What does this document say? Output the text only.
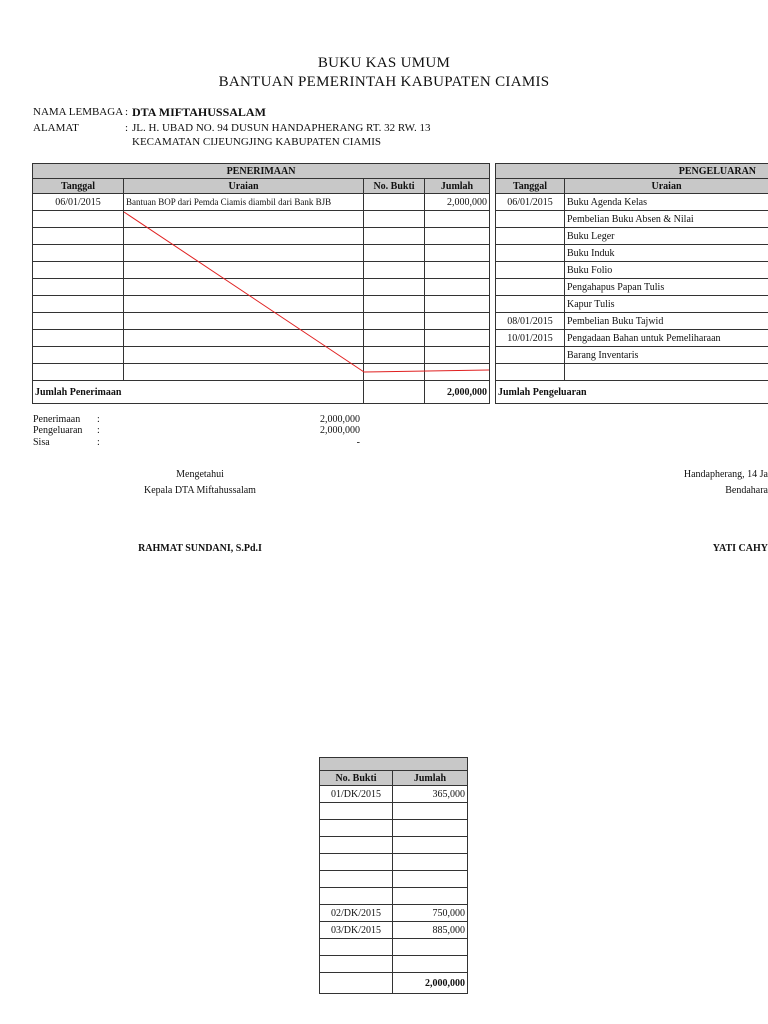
BUKU KAS UMUM
BANTUAN PEMERINTAH KABUPATEN CIAMIS
NAMA LEMBAGA : DTA MIFTAHUSSALAM
ALAMAT	: JL. H. UBAD NO. 94 DUSUN HANDAPHERANG RT. 32 RW. 13
KECAMATAN CIJEUNGJING KABUPATEN CIAMIS
PENERIMAAN			
Tanggal	Uraian	No. Bukti	Jumlah
06/01/2015	Bantuan BOP dari Pemda Ciamis diambil dari Bank BJB		2,000,000

Jumlah Penerimaan			2,000,000
PENGELUARAN	
Tanggal	Uraian
06/01/2015	Buku Agenda Kelas
	Pembelian Buku Absen & Nilai
	Buku Leger
	Buku Induk
	Buku Folio
	Pengahapus Papan Tulis
	Kapur Tulis
08/01/2015	Pembelian Buku Tajwid
10/01/2015	Pengadaan Bahan untuk Pemeliharaan
	Barang Inventaris

Jumlah Pengeluaran	
Penerimaan :	2,000,000
Pengeluaran :	2,000,000
Sisa	:	-
Mengetahui
Kepala DTA Miftahussalam
RAHMAT SUNDANI, S.Pd.I
Handapherang, 14 Ja
Bendahara
YATI CAHY

No. Bukti	Jumlah
01/DK/2015	365,000

02/DK/2015	750,000
03/DK/2015	885,000

	2,000,000
